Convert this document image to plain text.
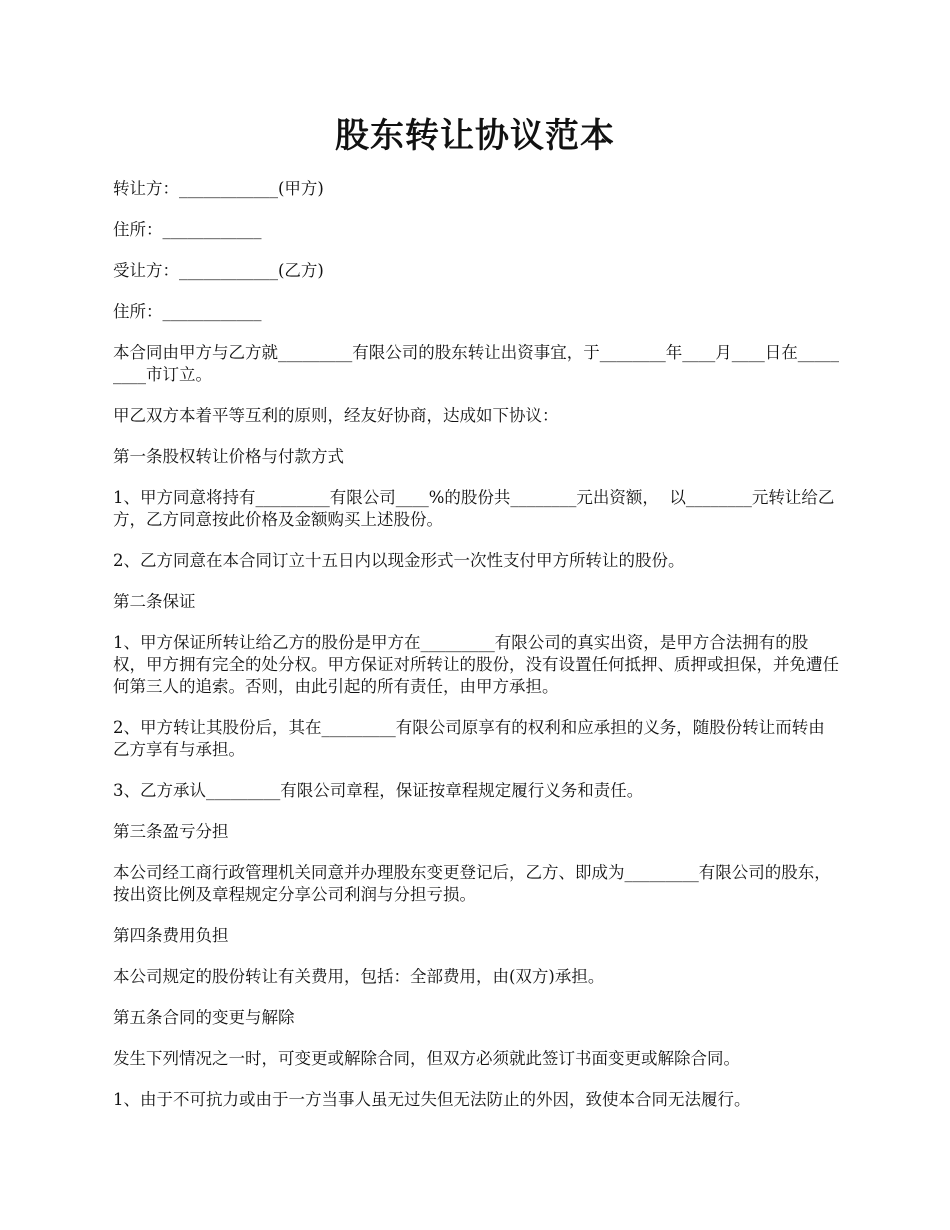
股东转让协议范本

转让方：____________(甲方)

住所：____________

受让方：____________(乙方)

住所：____________

本合同由甲方与乙方就_________有限公司的股东转让出资事宜，于________年____月____日在_________市订立。

甲乙双方本着平等互利的原则，经友好协商，达成如下协议：

第一条股权转让价格与付款方式

1、甲方同意将持有_________有限公司____%的股份共________元出资额，  以________元转让给乙方，乙方同意按此价格及金额购买上述股份。

2、乙方同意在本合同订立十五日内以现金形式一次性支付甲方所转让的股份。

第二条保证

1、甲方保证所转让给乙方的股份是甲方在_________有限公司的真实出资，是甲方合法拥有的股权，甲方拥有完全的处分权。甲方保证对所转让的股份，没有设置任何抵押、质押或担保，并免遭任何第三人的追索。否则，由此引起的所有责任，由甲方承担。

2、甲方转让其股份后，其在_________有限公司原享有的权利和应承担的义务，随股份转让而转由乙方享有与承担。

3、乙方承认_________有限公司章程，保证按章程规定履行义务和责任。

第三条盈亏分担

本公司经工商行政管理机关同意并办理股东变更登记后，乙方、即成为_________有限公司的股东，按出资比例及章程规定分享公司利润与分担亏损。

第四条费用负担

本公司规定的股份转让有关费用，包括：全部费用，由(双方)承担。

第五条合同的变更与解除

发生下列情况之一时，可变更或解除合同，但双方必须就此签订书面变更或解除合同。

1、由于不可抗力或由于一方当事人虽无过失但无法防止的外因，致使本合同无法履行。
